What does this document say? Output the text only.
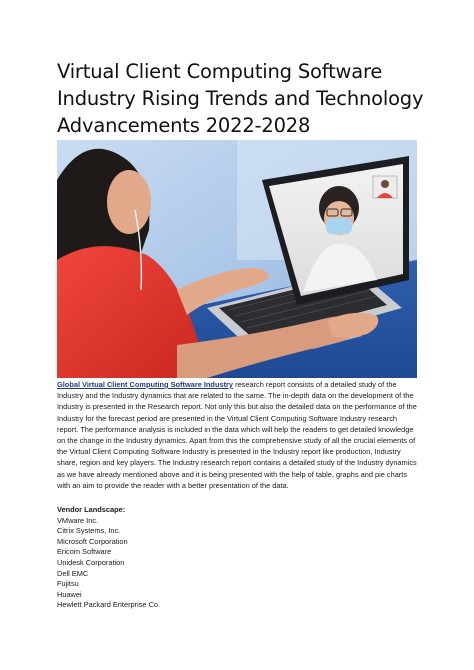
Virtual Client Computing Software
Industry Rising Trends and Technology
Advancements 2022-2028

Global Virtual Client Computing Software Industry research report consists of a detailed study of the Industry and the Industry dynamics that are related to the same. The in-depth data on the development of the Industry is presented in the Research report. Not only this but also the detailed data on the performance of the Industry for the forecast period are presented in the Virtual Client Computing Software Industry research report. The performance analysis is included in the data which will help the readers to get detailed knowledge on the change in the Industry dynamics. Apart from this the comprehensive study of all the crucial elements of the Virtual Client Computing Software Industry is presented in the Industry report like production, Industry share, region and key players. The Industry research report contains a detailed study of the Industry dynamics as we have already mentioned above and it is being presented with the help of table, graphs and pie charts with an aim to provide the reader with a better presentation of the data.

Vendor Landscape:
VMware Inc.
Citrix Systems, Inc.
Microsoft Corporation
Ericom Software
Unidesk Corporation
Dell EMC
Fujitsu
Huawei
Hewlett Packard Enterprise Co.
